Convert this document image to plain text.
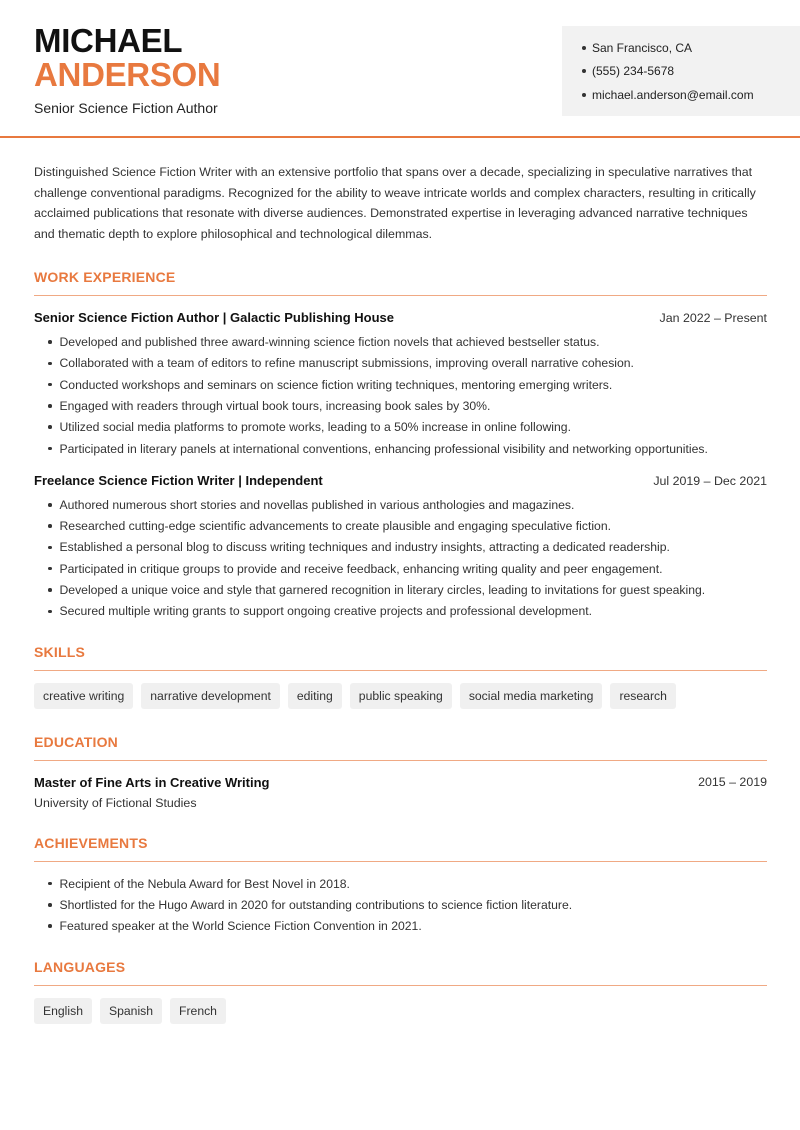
MICHAEL
ANDERSON
Senior Science Fiction Author
San Francisco, CA
(555) 234-5678
michael.anderson@email.com

Distinguished Science Fiction Writer with an extensive portfolio that spans over a decade, specializing in speculative narratives that challenge conventional paradigms. Recognized for the ability to weave intricate worlds and complex characters, resulting in critically acclaimed publications that resonate with diverse audiences. Demonstrated expertise in leveraging advanced narrative techniques and thematic depth to explore philosophical and technological dilemmas.

WORK EXPERIENCE
Senior Science Fiction Author | Galactic Publishing House	Jan 2022 – Present
Developed and published three award-winning science fiction novels that achieved bestseller status.
Collaborated with a team of editors to refine manuscript submissions, improving overall narrative cohesion.
Conducted workshops and seminars on science fiction writing techniques, mentoring emerging writers.
Engaged with readers through virtual book tours, increasing book sales by 30%.
Utilized social media platforms to promote works, leading to a 50% increase in online following.
Participated in literary panels at international conventions, enhancing professional visibility and networking opportunities.
Freelance Science Fiction Writer | Independent	Jul 2019 – Dec 2021
Authored numerous short stories and novellas published in various anthologies and magazines.
Researched cutting-edge scientific advancements to create plausible and engaging speculative fiction.
Established a personal blog to discuss writing techniques and industry insights, attracting a dedicated readership.
Participated in critique groups to provide and receive feedback, enhancing writing quality and peer engagement.
Developed a unique voice and style that garnered recognition in literary circles, leading to invitations for guest speaking.
Secured multiple writing grants to support ongoing creative projects and professional development.
SKILLS
creative writing	narrative development	editing	public speaking	social media marketing	research
EDUCATION
Master of Fine Arts in Creative Writing	2015 – 2019
University of Fictional Studies
ACHIEVEMENTS
Recipient of the Nebula Award for Best Novel in 2018.
Shortlisted for the Hugo Award in 2020 for outstanding contributions to science fiction literature.
Featured speaker at the World Science Fiction Convention in 2021.
LANGUAGES
English	Spanish	French
